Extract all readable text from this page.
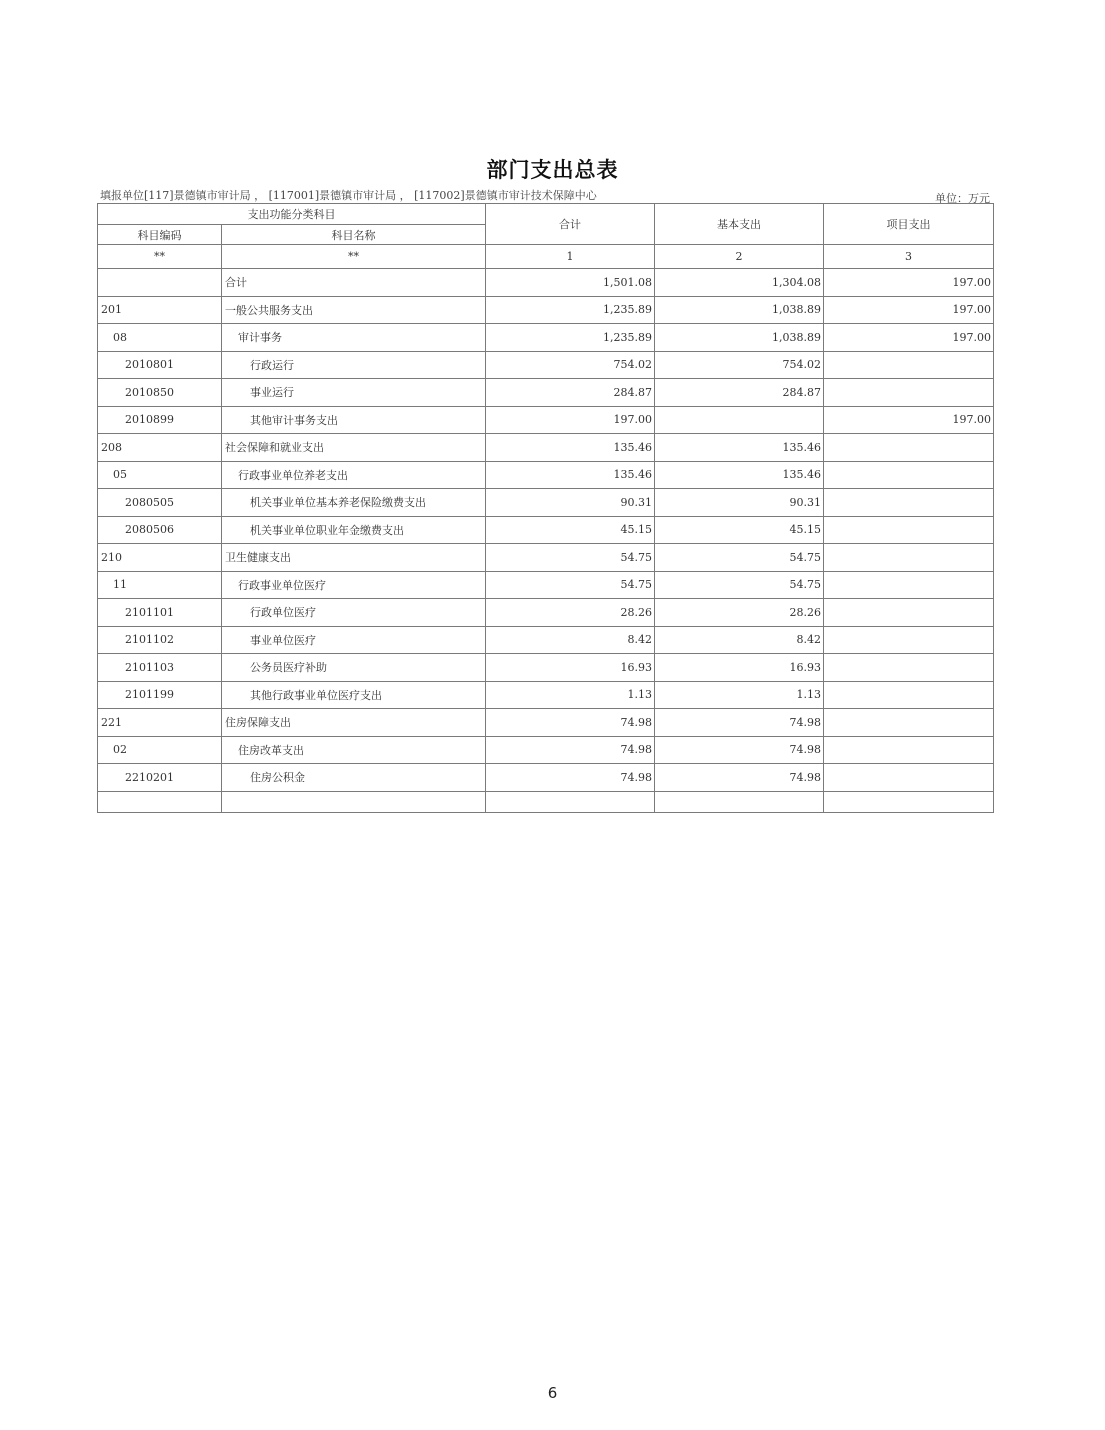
部门支出总表
填报单位[117]景德镇市审计局 ， [117001]景德镇市审计局 ， [117002]景德镇市审计技术保障中心	单位：万元
支出功能分类科目		合计	基本支出	项目支出
科目编码	科目名称			
**	**	1	2	3
	合计	1,501.08	1,304.08	197.00
201	一般公共服务支出	1,235.89	1,038.89	197.00
08	审计事务	1,235.89	1,038.89	197.00
2010801	行政运行	754.02	754.02	
2010850	事业运行	284.87	284.87	
2010899	其他审计事务支出	197.00		197.00
208	社会保障和就业支出	135.46	135.46	
05	行政事业单位养老支出	135.46	135.46	
2080505	机关事业单位基本养老保险缴费支出	90.31	90.31	
2080506	机关事业单位职业年金缴费支出	45.15	45.15	
210	卫生健康支出	54.75	54.75	
11	行政事业单位医疗	54.75	54.75	
2101101	行政单位医疗	28.26	28.26	
2101102	事业单位医疗	8.42	8.42	
2101103	公务员医疗补助	16.93	16.93	
2101199	其他行政事业单位医疗支出	1.13	1.13	
221	住房保障支出	74.98	74.98	
02	住房改革支出	74.98	74.98	
2210201	住房公积金	74.98	74.98	

6
